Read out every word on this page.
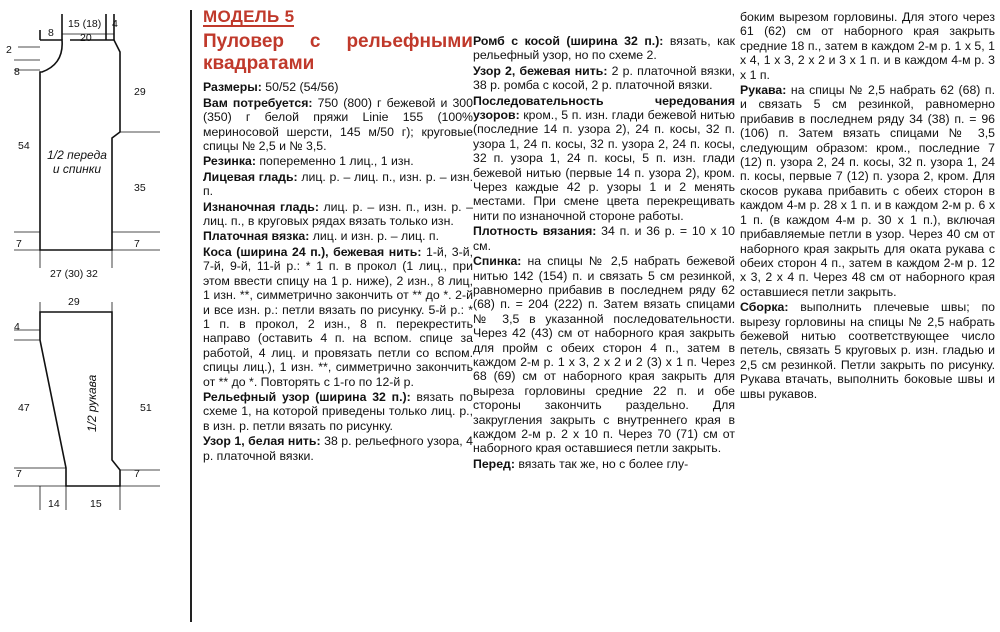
8
15 (18) 4
20
2
8
29
54
35
7	7
27 (30) 32
1/2 переда и спинки
29
4
47	51
7	7
14	15
1/2 рукава
МОДЕЛЬ 5
Пуловер с рельефными квадратами

Размеры: 50/52 (54/56)

Вам потребуется: 750 (800) г бежевой и 300 (350) г белой пряжи Linie 155 (100% мериносовой шерсти, 145 м/50 г); круговые спицы № 2,5 и № 3,5.

Резинка: попеременно 1 лиц., 1 изн.

Лицевая гладь: лиц. р. – лиц. п., изн. р. – изн. п.

Изнаночная гладь: лиц. р. – изн. п., изн. р. – лиц. п., в круговых рядах вязать только изн.

Платочная вязка: лиц. и изн. р. – лиц. п.

Коса (ширина 24 п.), бежевая нить: 1-й, 3-й, 7-й, 9-й, 11-й р.: * 1 п. в прокол (1 лиц., при этом ввести спицу на 1 р. ниже), 2 изн., 8 лиц, 1 изн. **, симметрично закончить от ** до *. 2-й и все изн. р.: петли вязать по рисунку. 5-й р.: * 1 п. в прокол, 2 изн., 8 п. перекрестить направо (оставить 4 п. на вспом. спице за работой, 4 лиц. и провязать петли со вспом. спицы лиц.), 1 изн. **, симметрично закончить от ** до *. Повторять с 1-го по 12-й р.

Рельефный узор (ширина 32 п.): вязать по схеме 1, на которой приведены только лиц. р., в изн. р. петли вязать по рисунку.

Узор 1, белая нить: 38 р. рельефного узора, 4 р. платочной вязки.

Ромб с косой (ширина 32 п.): вязать, как рельефный узор, но по схеме 2.

Узор 2, бежевая нить: 2 р. платочной вязки, 38 р. ромба с косой, 2 р. платочной вязки.

Последовательность чередования узоров: кром., 5 п. изн. глади бежевой нитью (последние 14 п. узора 2), 24 п. косы, 32 п. узора 1, 24 п. косы, 32 п. узора 2, 24 п. косы, 32 п. узора 1, 24 п. косы, 5 п. изн. глади бежевой нитью (первые 14 п. узора 2), кром. Через каждые 42 р. узоры 1 и 2 менять местами. При смене цвета перекрещивать нити по изнаночной стороне работы.

Плотность вязания: 34 п. и 36 р. = 10 х 10 см.

Спинка: на спицы № 2,5 набрать бежевой нитью 142 (154) п. и связать 5 см резинкой, равномерно прибавив в последнем ряду 62 (68) п. = 204 (222) п. Затем вязать спицами № 3,5 в указанной последовательности. Через 42 (43) см от наборного края закрыть для пройм с обеих сторон 4 п., затем в каждом 2-м р. 1 х 3, 2 х 2 и 2 (3) х 1 п. Через 68 (69) см от наборного края закрыть для выреза горловины средние 22 п. и обе стороны закончить раздельно. Для закругления закрыть с внутреннего края в каждом 2-м р. 2 х 10 п. Через 70 (71) см от наборного края оставшиеся петли закрыть.

Перед: вязать так же, но с более глу-

боким вырезом горловины. Для этого через 61 (62) см от наборного края закрыть средние 18 п., затем в каждом 2-м р. 1 х 5, 1 х 4, 1 х 3, 2 х 2 и 3 х 1 п. и в каждом 4-м р. 3 х 1 п.

Рукава: на спицы № 2,5 набрать 62 (68) п. и связать 5 см резинкой, равномерно прибавив в последнем ряду 34 (38) п. = 96 (106) п. Затем вязать спицами № 3,5 следующим образом: кром., последние 7 (12) п. узора 2, 24 п. косы, 32 п. узора 1, 24 п. косы, первые 7 (12) п. узора 2, кром. Для скосов рукава прибавить с обеих сторон в каждом 4-м р. 28 х 1 п. и в каждом 2-м р. 6 х 1 п. (в каждом 4-м р. 30 х 1 п.), включая прибавляемые петли в узор. Через 40 см от наборного края закрыть для оката рукава с обеих сторон 4 п., затем в каждом 2-м р. 12 х 3, 2 х 4 п. Через 48 см от наборного края оставшиеся петли закрыть.

Сборка: выполнить плечевые швы; по вырезу горловины на спицы № 2,5 набрать бежевой нитью соответствующее число петель, связать 5 круговых р. изн. гладью и 2,5 см резинкой. Петли закрыть по рисунку. Рукава втачать, выполнить боковые швы и швы рукавов.
